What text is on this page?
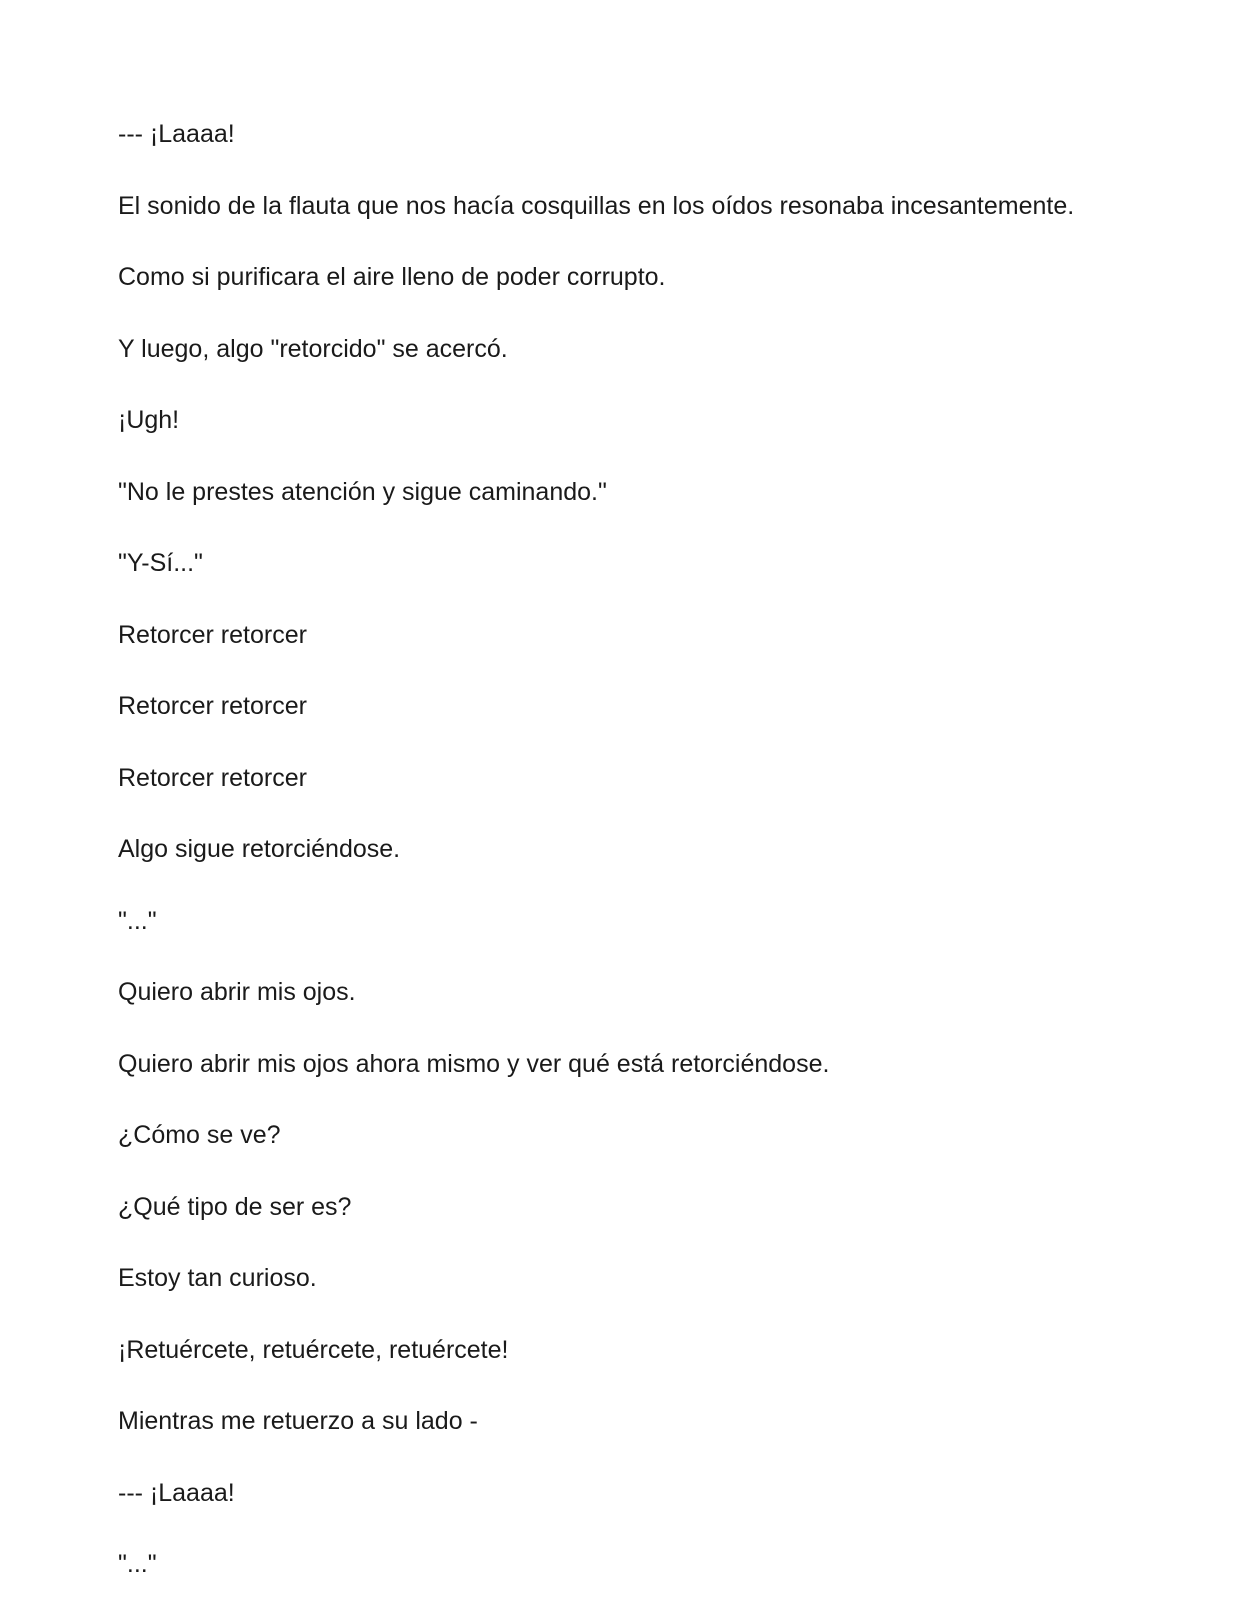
--- ¡Laaaa!

El sonido de la flauta que nos hacía cosquillas en los oídos resonaba incesantemente.

Como si purificara el aire lleno de poder corrupto.

Y luego, algo "retorcido" se acercó.

¡Ugh!

"No le prestes atención y sigue caminando."

"Y-Sí..."

Retorcer retorcer

Retorcer retorcer

Retorcer retorcer

Algo sigue retorciéndose.

"..."

Quiero abrir mis ojos.

Quiero abrir mis ojos ahora mismo y ver qué está retorciéndose.

¿Cómo se ve?

¿Qué tipo de ser es?

Estoy tan curioso.

¡Retuércete, retuércete, retuércete!

Mientras me retuerzo a su lado -

--- ¡Laaaa!

"..."
